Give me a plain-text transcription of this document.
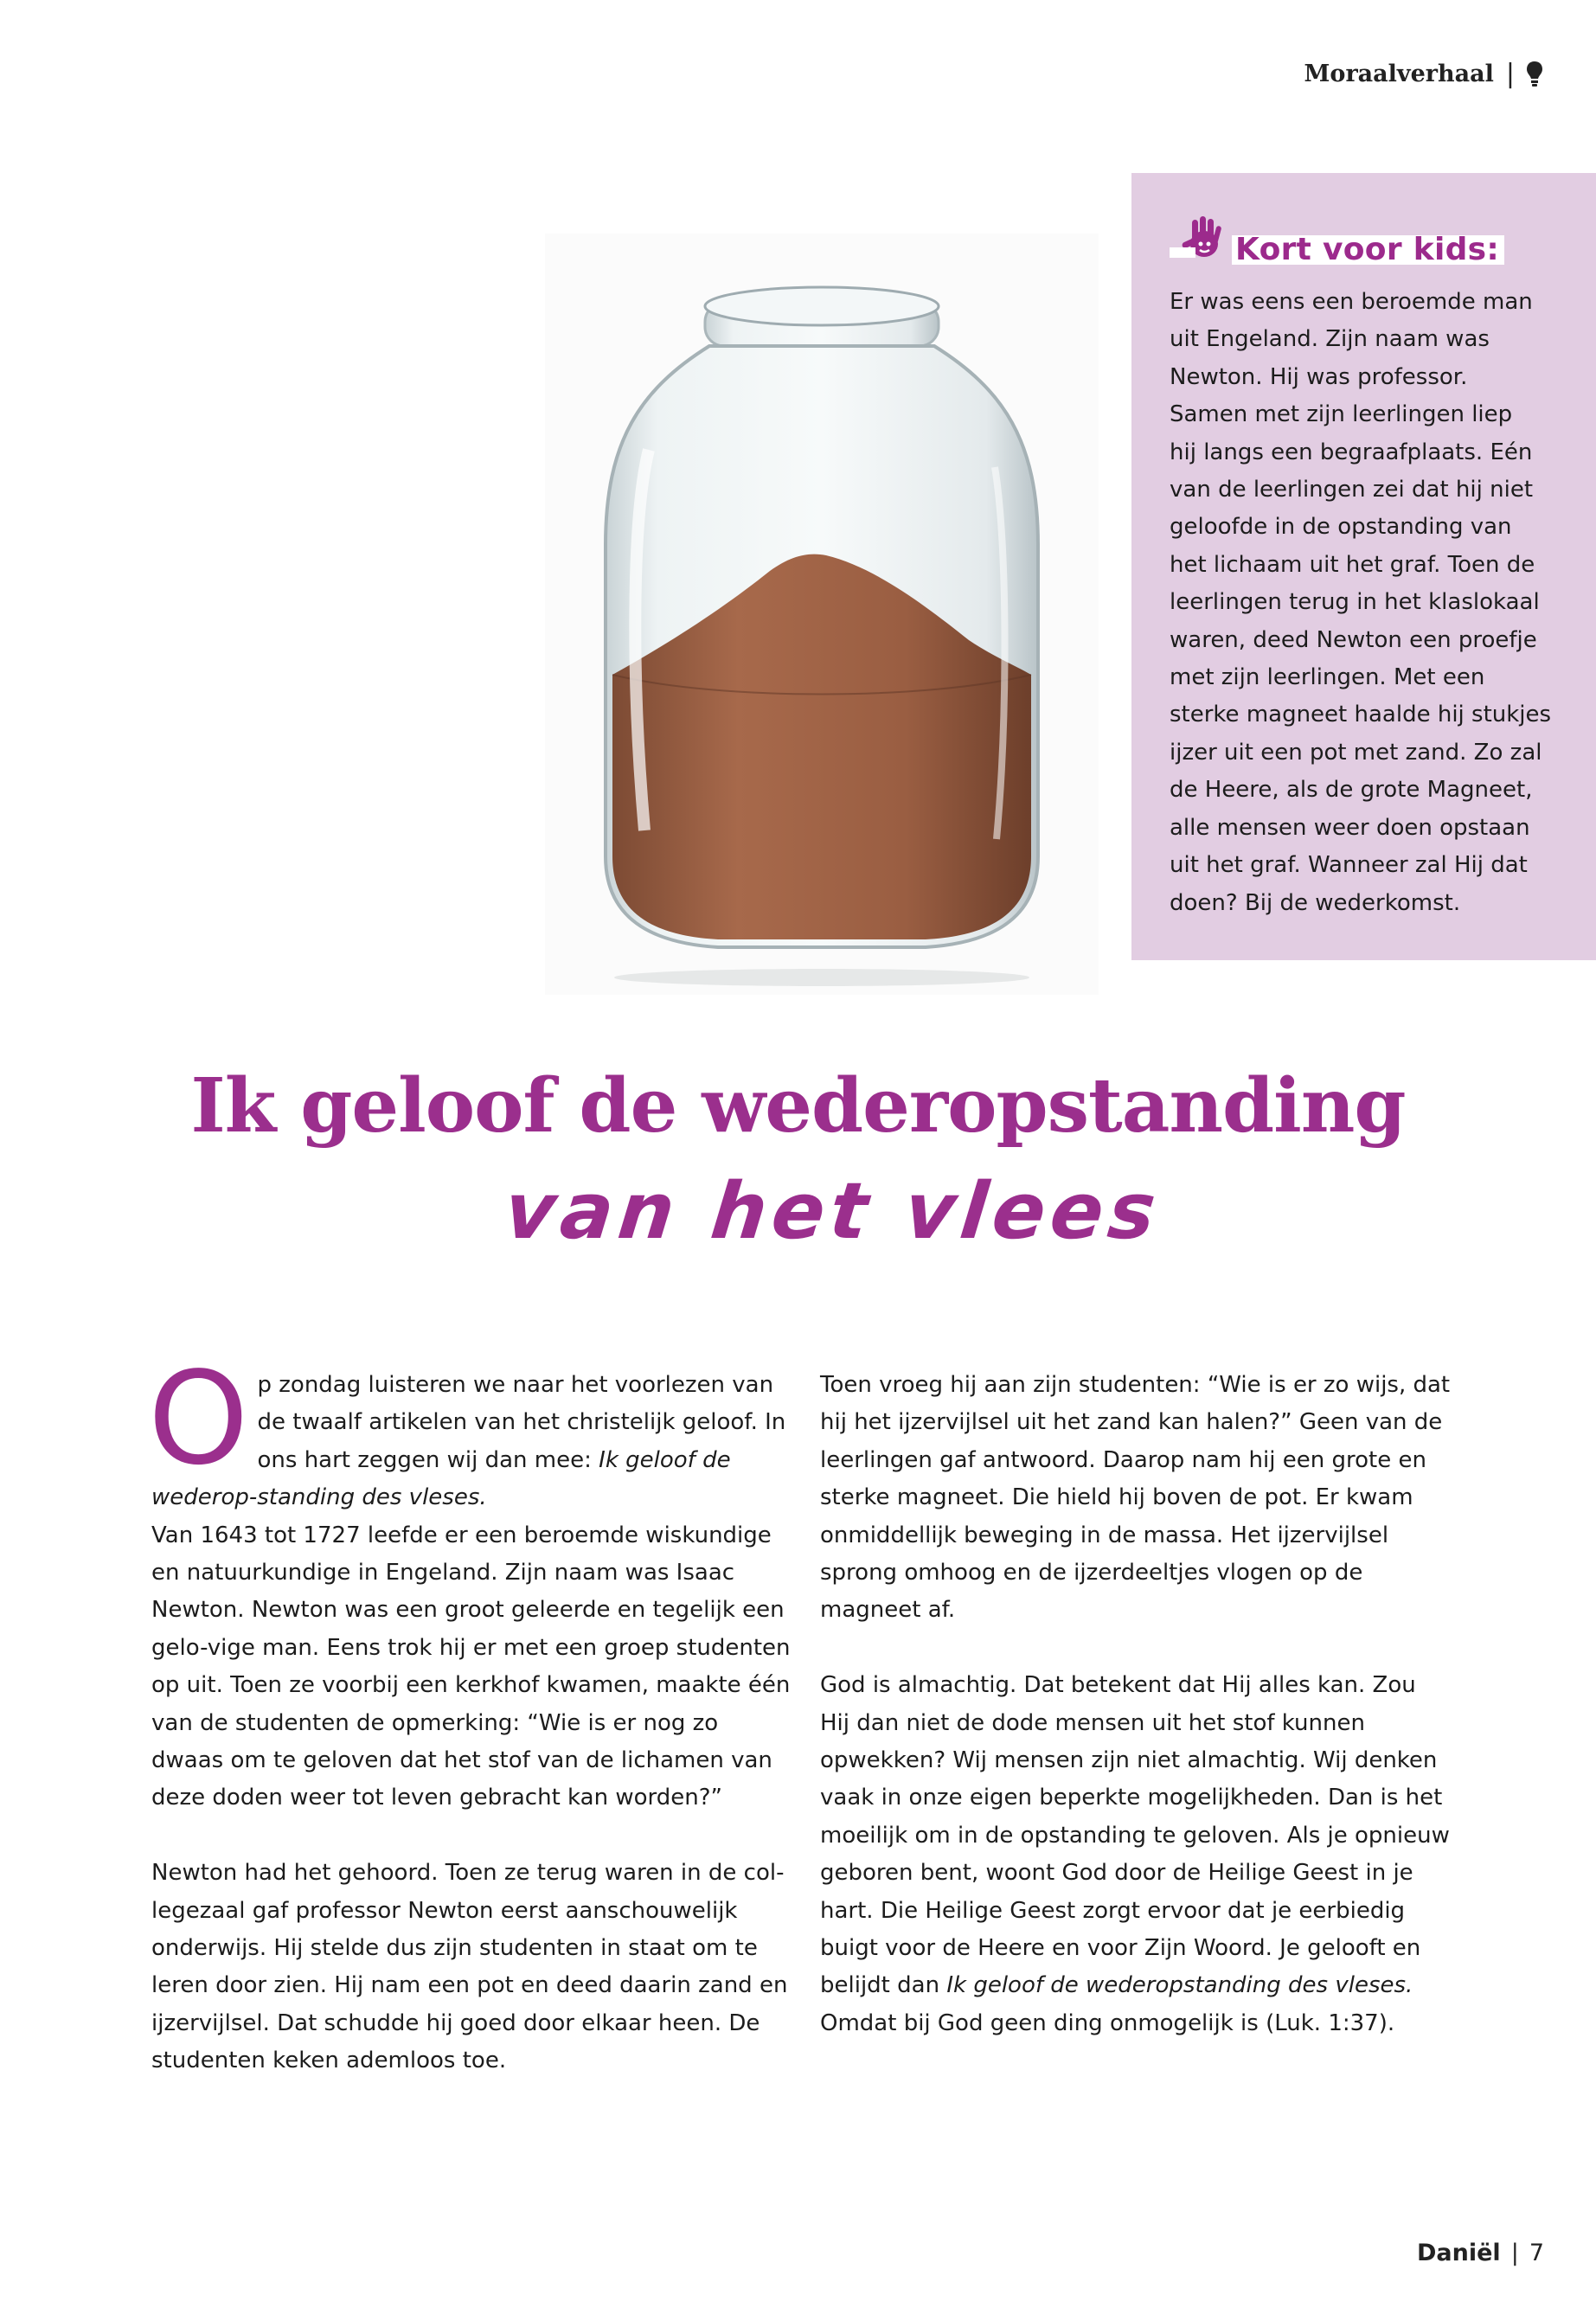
Moraalverhaal |
Kort voor kids:
Er was eens een beroemde man
uit Engeland. Zijn naam was
Newton. Hij was professor.
Samen met zijn leerlingen liep
hij langs een begraafplaats. Eén
van de leerlingen zei dat hij niet
geloofde in de opstanding van
het lichaam uit het graf. Toen de
leerlingen terug in het klaslokaal
waren, deed Newton een proefje
met zijn leerlingen. Met een
sterke magneet haalde hij stukjes
ijzer uit een pot met zand. Zo zal
de Heere, als de grote Magneet,
alle mensen weer doen opstaan
uit het graf. Wanneer zal Hij dat
doen? Bij de wederkomst.
Ik geloof de wederopstanding
van het vlees

Op zondag luisteren we naar het voorlezen van de twaalf artikelen van het christelijk geloof. In ons hart zeggen wij dan mee: Ik geloof de wederop-standing des vleses.

Van 1643 tot 1727 leefde er een beroemde wiskundige en natuurkundige in Engeland. Zijn naam was Isaac Newton. Newton was een groot geleerde en tegelijk een gelo-vige man. Eens trok hij er met een groep studenten op uit. Toen ze voorbij een kerkhof kwamen, maakte één van de studenten de opmerking: “Wie is er nog zo dwaas om te geloven dat het stof van de lichamen van deze doden weer tot leven gebracht kan worden?”

Newton had het gehoord. Toen ze terug waren in de col-legezaal gaf professor Newton eerst aanschouwelijk onderwijs. Hij stelde dus zijn studenten in staat om te leren door zien. Hij nam een pot en deed daarin zand en ijzervijlsel. Dat schudde hij goed door elkaar heen. De studenten keken ademloos toe.

Toen vroeg hij aan zijn studenten: “Wie is er zo wijs, dat hij het ijzervijlsel uit het zand kan halen?” Geen van de leerlingen gaf antwoord. Daarop nam hij een grote en sterke magneet. Die hield hij boven de pot. Er kwam onmiddellijk beweging in de massa. Het ijzervijlsel sprong omhoog en de ijzerdeeltjes vlogen op de magneet af.

God is almachtig. Dat betekent dat Hij alles kan. Zou Hij dan niet de dode mensen uit het stof kunnen opwekken? Wij mensen zijn niet almachtig. Wij denken vaak in onze eigen beperkte mogelijkheden. Dan is het moeilijk om in de opstanding te geloven. Als je opnieuw geboren bent, woont God door de Heilige Geest in je hart. Die Heilige Geest zorgt ervoor dat je eerbiedig buigt voor de Heere en voor Zijn Woord. Je gelooft en belijdt dan Ik geloof de wederopstanding des vleses. Omdat bij God geen ding onmogelijk is (Luk. 1:37).

Daniël | 7
